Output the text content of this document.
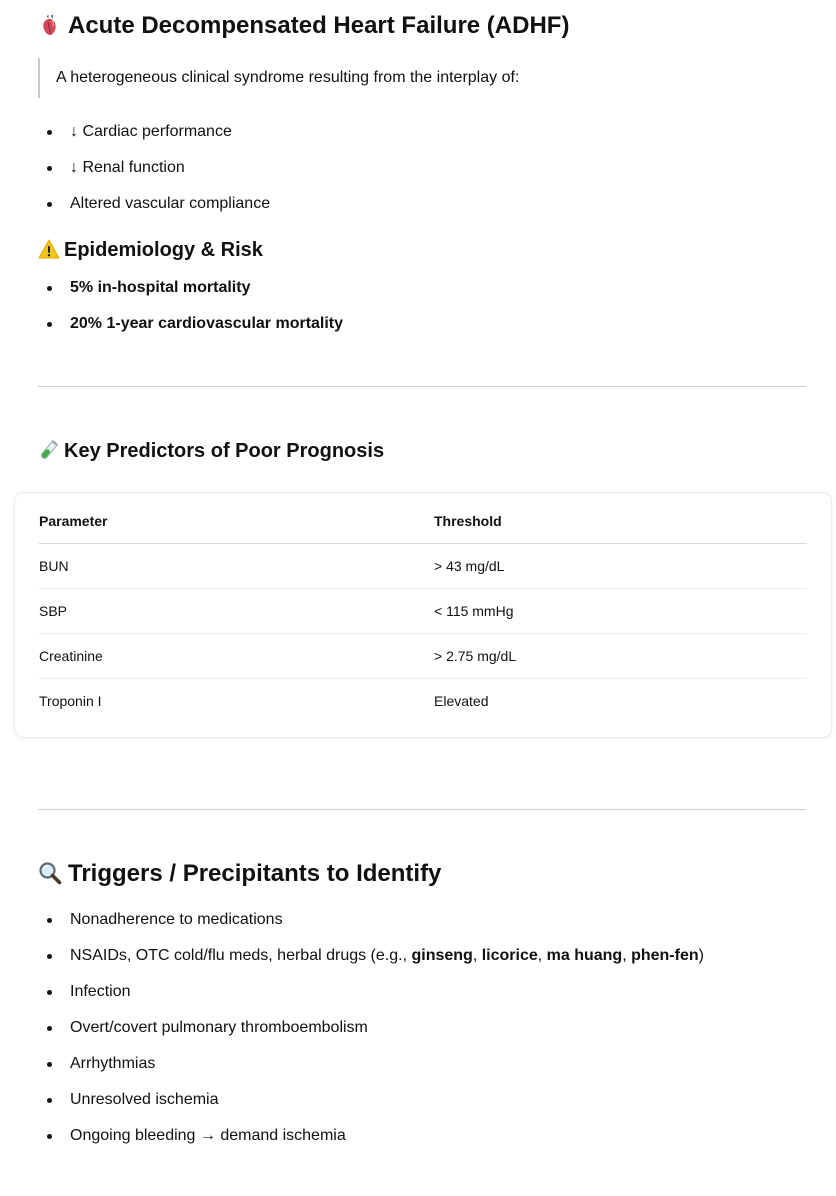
Acute Decompensated Heart Failure (ADHF)
A heterogeneous clinical syndrome resulting from the interplay of:
↓ Cardiac performance
↓ Renal function
Altered vascular compliance
Epidemiology & Risk
5% in-hospital mortality
20% 1-year cardiovascular mortality
Key Predictors of Poor Prognosis
Parameter	Threshold
BUN	> 43 mg/dL
SBP	< 115 mmHg
Creatinine	> 2.75 mg/dL
Troponin I	Elevated
Triggers / Precipitants to Identify
Nonadherence to medications
NSAIDs, OTC cold/flu meds, herbal drugs (e.g., ginseng, licorice, ma huang, phen-fen)
Infection
Overt/covert pulmonary thromboembolism
Arrhythmias
Unresolved ischemia
Ongoing bleeding → demand ischemia
